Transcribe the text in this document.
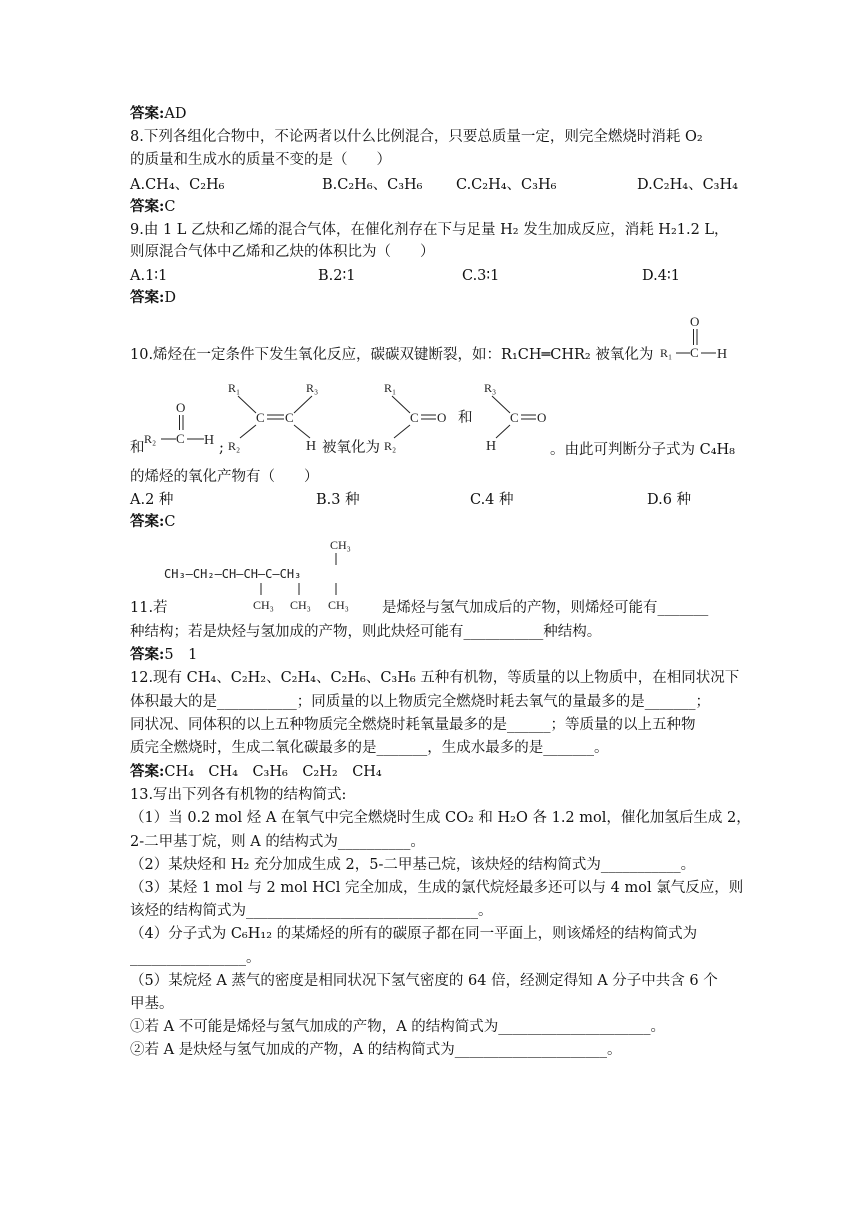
答案:AD
8.下列各组化合物中，不论两者以什么比例混合，只要总质量一定，则完全燃烧时消耗 O₂
的质量和生成水的质量不变的是（　　）
A.CH₄、C₂H₆	B.C₂H₆、C₃H₆ C.C₂H₄、C₃H₆	D.C₂H₄、C₃H₄
答案:C
9.由 1 L 乙炔和乙烯的混合气体，在催化剂存在下与足量 H₂ 发生加成反应，消耗 H₂1.2 L，
则原混合气体中乙烯和乙炔的体积比为（　　）
A.1∶1	B.2∶1	C.3∶1	D.4∶1
答案:D
10.烯烃在一定条件下发生氧化反应，碳碳双键断裂，如：R₁CH═CHR₂ 被氧化为
O
R₁ C H
和
O
R₂ C H ;
R₁	R₃
C C
R₂	H 被氧化为
R₁
C O
R₂
和
R₃
C O
H	。由此可判断分子式为 C₄H₈
的烯烃的氧化产物有（　　）
A.2 种	B.3 种	C.4 种	D.6 种
答案:C
CH₃
CH₃—CH₂—CH—CH—C—CH₃
CH₃ CH₃ CH₃
11.若	是烯烃与氢气加成后的产物，则烯烃可能有_______
种结构；若是炔烃与氢加成的产物，则此炔烃可能有___________种结构。
答案:5　1
12.现有 CH₄、C₂H₂、C₂H₄、C₂H₆、C₃H₆ 五种有机物，等质量的以上物质中，在相同状况下
体积最大的是___________；同质量的以上物质完全燃烧时耗去氧气的量最多的是_______；
同状况、同体积的以上五种物质完全燃烧时耗氧量最多的是______；等质量的以上五种物
质完全燃烧时，生成二氧化碳最多的是_______，生成水最多的是_______。
答案:CH₄　CH₄　C₃H₆　C₂H₂　CH₄
13.写出下列各有机物的结构简式:
（1）当 0.2 mol 烃 A 在氧气中完全燃烧时生成 CO₂ 和 H₂O 各 1.2 mol，催化加氢后生成 2，
2-二甲基丁烷，则 A 的结构式为__________。
（2）某炔烃和 H₂ 充分加成生成 2，5-二甲基己烷，该炔烃的结构简式为___________。
（3）某烃 1 mol 与 2 mol HCl 完全加成，生成的氯代烷烃最多还可以与 4 mol 氯气反应，则
该烃的结构简式为________________________________。
（4）分子式为 C₆H₁₂ 的某烯烃的所有的碳原子都在同一平面上，则该烯烃的结构简式为
________________。
（5）某烷烃 A 蒸气的密度是相同状况下氢气密度的 64 倍，经测定得知 A 分子中共含 6 个
甲基。
①若 A 不可能是烯烃与氢气加成的产物，A 的结构简式为_____________________。
②若 A 是炔烃与氢气加成的产物，A 的结构简式为_____________________。
